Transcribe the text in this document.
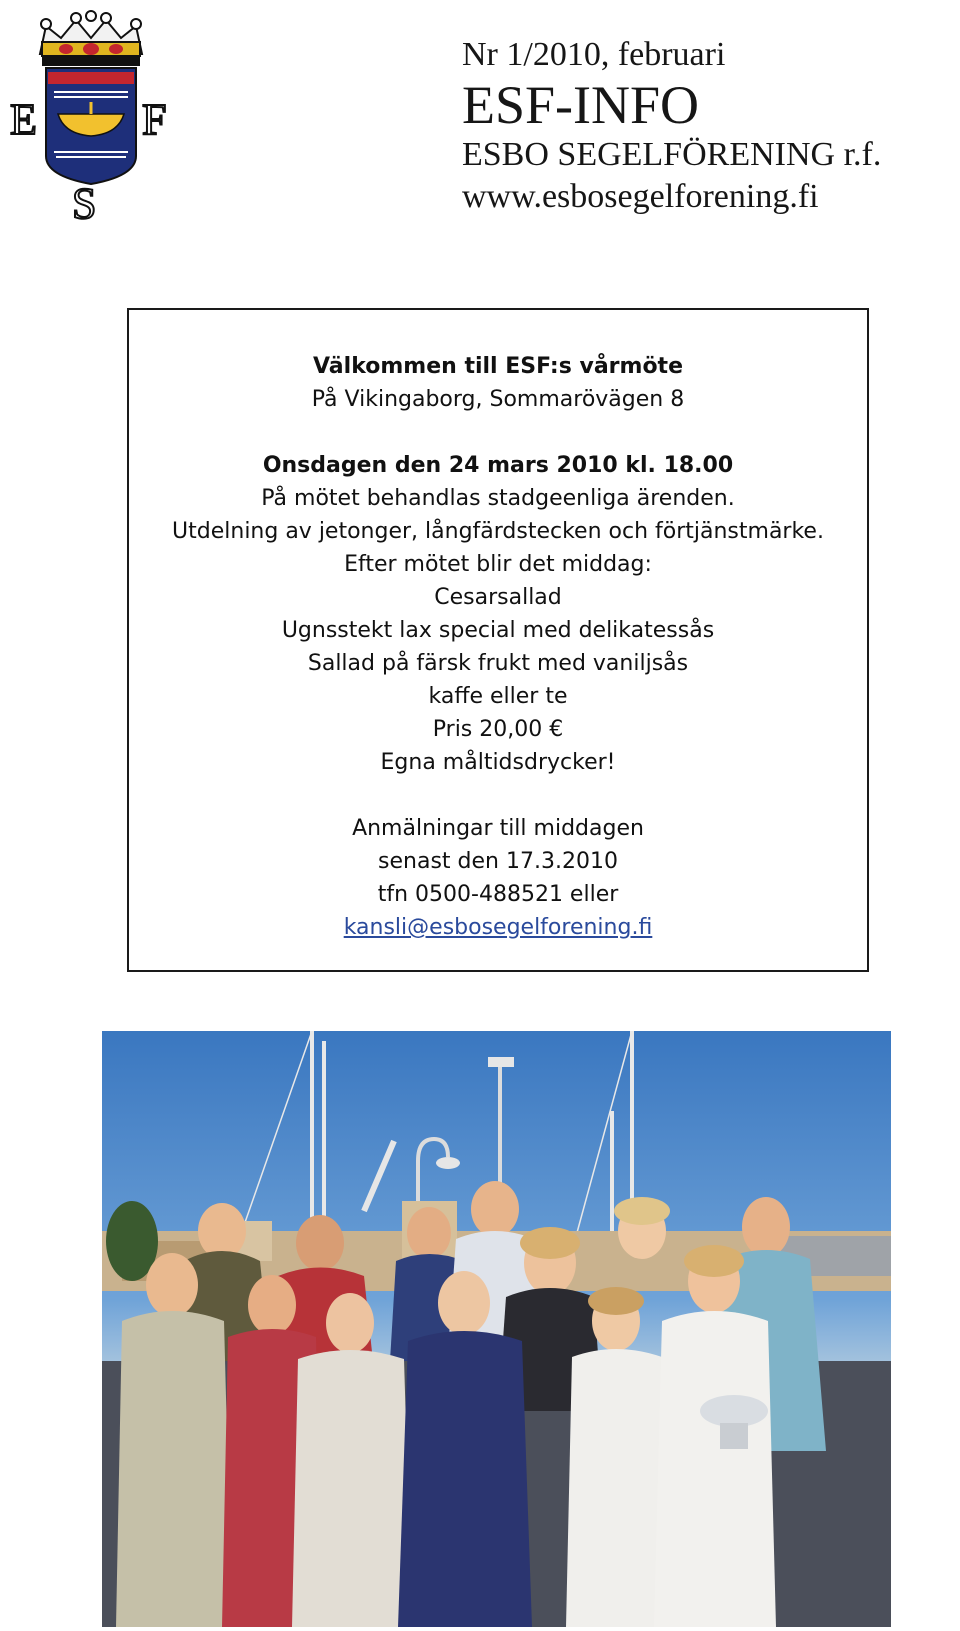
E F
S
Nr 1/2010, februari
ESF-INFO
ESBO SEGELFÖRENING r.f.
www.esbosegelforening.fi
Välkommen till ESF:s vårmöte
På Vikingaborg, Sommarövägen 8
Onsdagen den 24 mars 2010 kl. 18.00
På mötet behandlas stadgeenliga ärenden.
Utdelning av jetonger, långfärdstecken och förtjänstmärke.
Efter mötet blir det middag:
Cesarsallad
Ugnsstekt lax special med delikatessås
Sallad på färsk frukt med vaniljsås
kaffe eller te
Pris 20,00 €
Egna måltidsdrycker!
Anmälningar till middagen
senast den 17.3.2010
tfn 0500-488521 eller
kansli@esbosegelforening.fi
